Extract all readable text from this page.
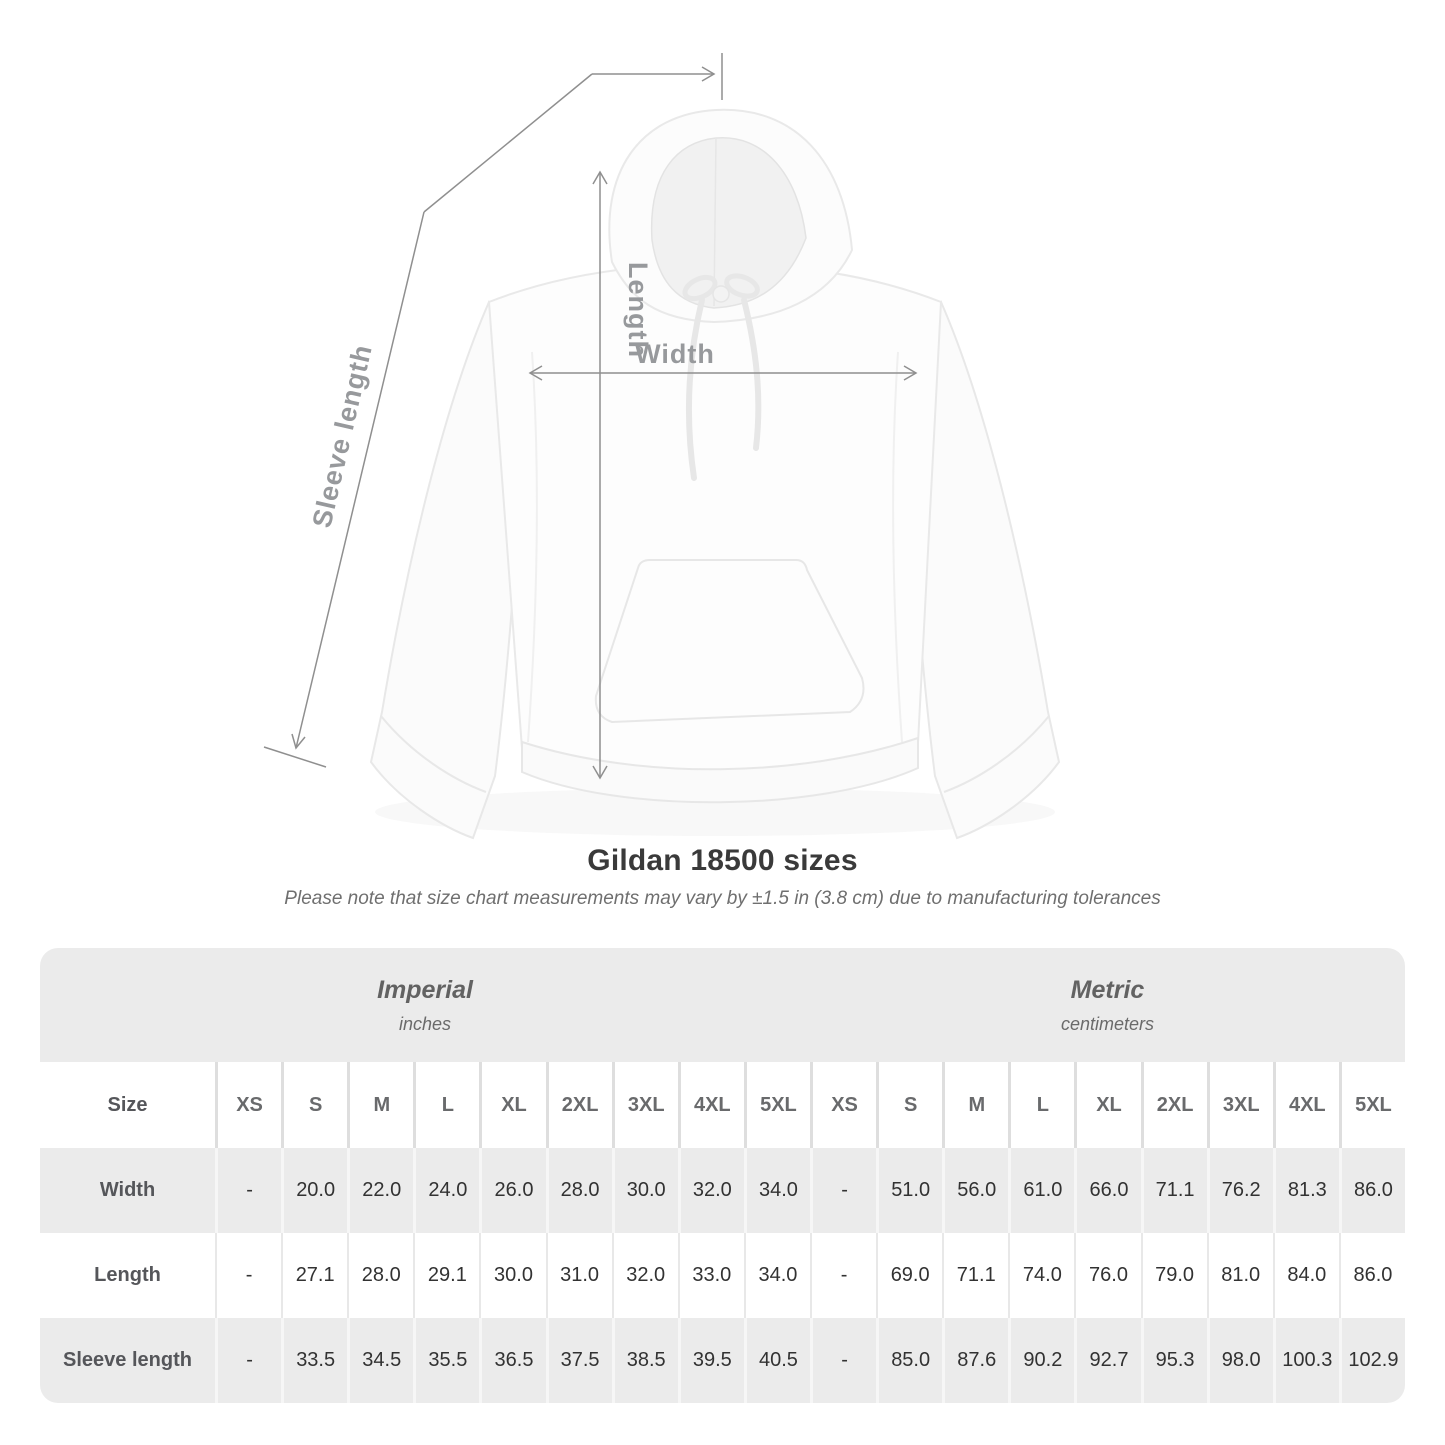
Width
Length
Sleeve length
Gildan 18500 sizes

Please note that size chart measurements may vary by ±1.5 in (3.8 cm) due to manufacturing tolerances

Imperial
inches
Metric
centimeters
Size	XS	S	M	L	XL	2XL	3XL	4XL	5XL	XS	S	M	L	XL	2XL	3XL	4XL	5XL
Width	-	20.0	22.0	24.0	26.0	28.0	30.0	32.0	34.0	-	51.0	56.0	61.0	66.0	71.1	76.2	81.3	86.0
Length	-	27.1	28.0	29.1	30.0	31.0	32.0	33.0	34.0	-	69.0	71.1	74.0	76.0	79.0	81.0	84.0	86.0
Sleeve length	-	33.5	34.5	35.5	36.5	37.5	38.5	39.5	40.5	-	85.0	87.6	90.2	92.7	95.3	98.0	100.3 102.9
